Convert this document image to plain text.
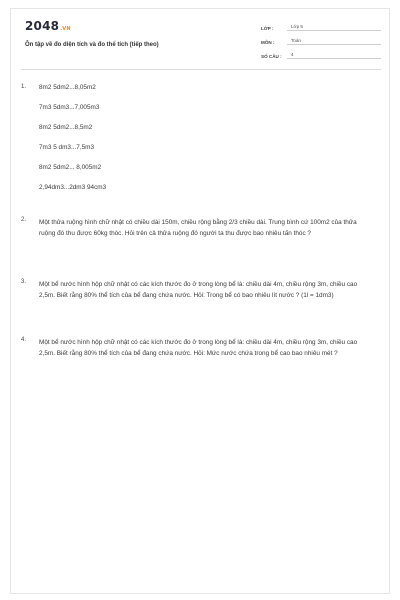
2048.VN
Ôn tập về đo diện tích và đo thể tích (tiếp theo)
LỚP :	Lớp 5
MÔN :	Toán
SỐ CÂU :	4
1. 8m2 5dm2...8,05m2
7m3 5dm3...7,005m3
8m2 5dm2...8,5m2
7m3 5 dm3...7,5m3
8m2 5dm2... 8,005m2
2,94dm3...2dm3 94cm3
2. Một thửa ruộng hình chữ nhật có chiều dài 150m, chiều rộng bằng 2/3 chiều dài. Trung bình cứ 100m2 của thửa ruộng đó thu được 60kg thóc. Hỏi trên cả thửa ruộng đó người ta thu được bao nhiêu tấn thóc ?
3. Một bể nước hình hộp chữ nhật có các kích thước đo ở trong lòng bể là: chiều dài 4m, chiều rộng 3m, chiều cao 2,5m. Biết rằng 80% thể tích của bể đang chứa nước. Hỏi: Trong bể có bao nhiêu lít nước ? (1l = 1dm3)
4. Một bể nước hình hộp chữ nhật có các kích thước đo ở trong lòng bể là: chiều dài 4m, chiều rộng 3m, chiều cao 2,5m. Biết rằng 80% thể tích của bể đang chứa nước. Hỏi: Mức nước chứa trong bể cao bao nhiêu mét ?
